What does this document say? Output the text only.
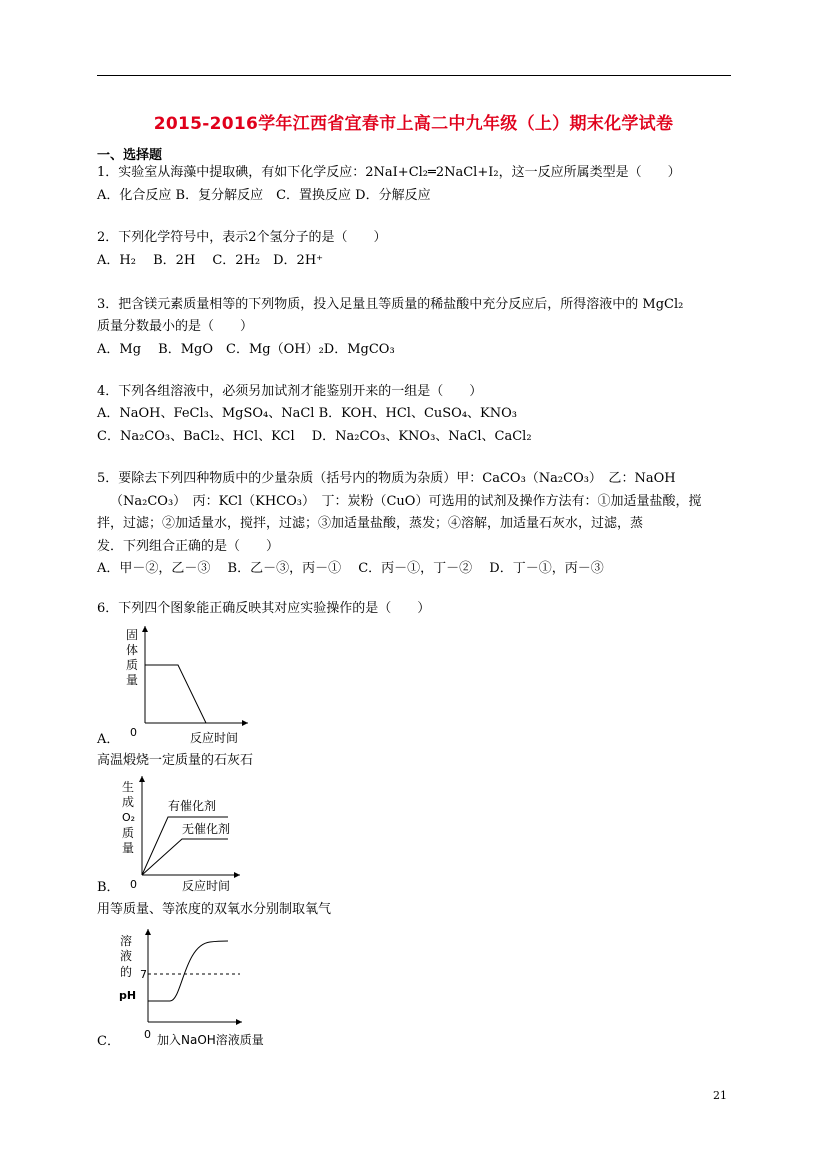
2015-2016学年江西省宜春市上高二中九年级（上）期末化学试卷
一、选择题
1．实验室从海藻中提取碘，有如下化学反应：2NaI+Cl₂═2NaCl+I₂，这一反应所属类型是（　　）
A．化合反应 B．复分解反应　C．置换反应 D．分解反应
2．下列化学符号中，表示2个氢分子的是（　　）
A．H₂　 B．2H　 C．2H₂　D．2H⁺
3．把含镁元素质量相等的下列物质，投入足量且等质量的稀盐酸中充分反应后，所得溶液中的 MgCl₂
质量分数最小的是（　　）
A．Mg　 B．MgO　C．Mg（OH）₂D．MgCO₃
4．下列各组溶液中，必须另加试剂才能鉴别开来的一组是（　　）
A．NaOH、FeCl₃、MgSO₄、NaCl B．KOH、HCl、CuSO₄、KNO₃
C．Na₂CO₃、BaCl₂、HCl、KCl　 D．Na₂CO₃、KNO₃、NaCl、CaCl₂
5．要除去下列四种物质中的少量杂质（括号内的物质为杂质）甲：CaCO₃（Na₂CO₃）　乙：NaOH
（Na₂CO₃）　丙：KCl（KHCO₃）　丁：炭粉（CuO）可选用的试剂及操作方法有：①加适量盐酸，搅
拌，过滤；②加适量水，搅拌，过滤；③加适量盐酸，蒸发；④溶解，加适量石灰水，过滤，蒸
发．下列组合正确的是（　　）
A．甲－②，乙－③　 B．乙－③，丙－①　 C．丙－①，丁－②　 D．丁－①，丙－③
6．下列四个图象能正确反映其对应实验操作的是（　　）
固
体
质
量
0	反应时间
A．
高温煅烧一定质量的石灰石
生
成
O₂
质
量
有催化剂
无催化剂
0	反应时间
B．
用等质量、等浓度的双氧水分别制取氧气
溶
液
的
pH
7
0 加入NaOH溶液质量
C．
21
